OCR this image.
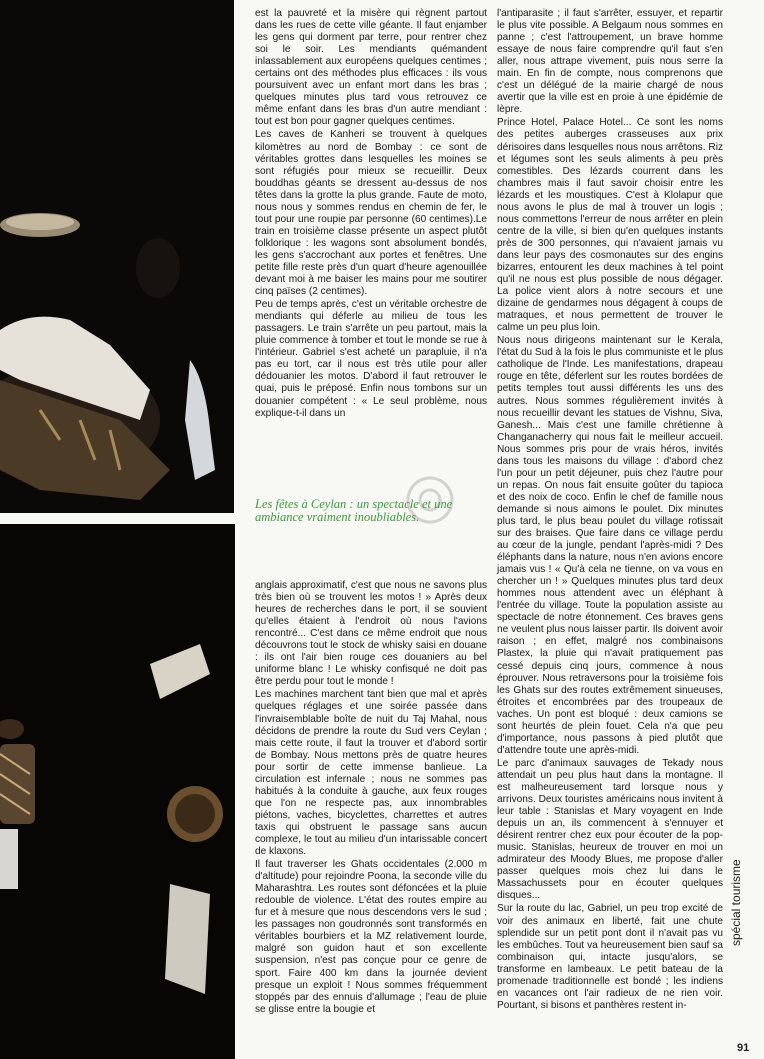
est la pauvreté et la misère qui règnent partout dans les rues de cette ville géante. Il faut enjamber les gens qui dorment par terre, pour rentrer chez soi le soir. Les mendiants quémandent inlassablement aux européens quelques centimes ; certains ont des méthodes plus efficaces : ils vous poursuivent avec un enfant mort dans les bras ; quelques minutes plus tard vous retrouvez ce même enfant dans les bras d'un autre mendiant : tout est bon pour gagner quelques centimes.

Les caves de Kanheri se trouvent à quelques kilomètres au nord de Bombay : ce sont de véritables grottes dans lesquelles les moines se sont réfugiés pour mieux se recueillir. Deux bouddhas géants se dressent au-dessus de nos têtes dans la grotte la plus grande. Faute de moto, nous nous y sommes rendus en chemin de fer, le tout pour une roupie par personne (60 centimes).Le train en troisième classe présente un aspect plutôt folklorique : les wagons sont absolument bondés, les gens s'accrochant aux portes et fenêtres. Une petite fille reste près d'un quart d'heure agenouillée devant moi à me baiser les mains pour me soutirer cinq païses (2 centimes).

Peu de temps après, c'est un véritable orchestre de mendiants qui déferle au milieu de tous les passagers. Le train s'arrête un peu partout, mais la pluie commence à tomber et tout le monde se rue à l'intérieur. Gabriel s'est acheté un parapluie, il n'a pas eu tort, car il nous est très utile pour aller dédouanier les motos. D'abord il faut retrouver le quai, puis le préposé. Enfin nous tombons sur un douanier compétent : « Le seul problème, nous explique-t-il dans un

Les fêtes à Ceylan : un spectacle et une ambiance vraiment inoubliables.

anglais approximatif, c'est que nous ne savons plus très bien où se trouvent les motos ! » Après deux heures de recherches dans le port, il se souvient qu'elles étaient à l'endroit où nous l'avions rencontré... C'est dans ce même endroit que nous découvrons tout le stock de whisky saisi en douane : ils ont l'air bien rouge ces douaniers au bel uniforme blanc ! Le whisky confisqué ne doit pas être perdu pour tout le monde !

Les machines marchent tant bien que mal et après quelques réglages et une soirée passée dans l'invraisemblable boîte de nuit du Taj Mahal, nous décidons de prendre la route du Sud vers Ceylan ; mais cette route, il faut la trouver et d'abord sortir de Bombay. Nous mettons près de quatre heures pour sortir de cette immense banlieue. La circulation est infernale ; nous ne sommes pas habitués à la conduite à gauche, aux feux rouges que l'on ne respecte pas, aux innombrables piétons, vaches, bicyclettes, charrettes et autres taxis qui obstruent le passage sans aucun complexe, le tout au milieu d'un intarissable concert de klaxons.

Il faut traverser les Ghats occidentales (2.000 m d'altitude) pour rejoindre Poona, la seconde ville du Maharashtra. Les routes sont défoncées et la pluie redouble de violence. L'état des routes empire au fur et à mesure que nous descendons vers le sud ; les passages non goudronnés sont transformés en véritables bourbiers et la MZ relativement lourde, malgré son guidon haut et son excellente suspension, n'est pas conçue pour ce genre de sport. Faire 400 km dans la journée devient presque un exploit ! Nous sommes fréquemment stoppés par des ennuis d'allumage ; l'eau de pluie se glisse entre la bougie et

l'antiparasite ; il faut s'arrêter, essuyer, et repartir le plus vite possible. A Belgaum nous sommes en panne ; c'est l'attroupement, un brave homme essaye de nous faire comprendre qu'il faut s'en aller, nous attrape vivement, puis nous serre la main. En fin de compte, nous comprenons que c'est un délégué de la mairie chargé de nous avertir que la ville est en proie à une épidémie de lèpre.

Prince Hotel, Palace Hotel... Ce sont les noms des petites auberges crasseuses aux prix dérisoires dans lesquelles nous nous arrêtons. Riz et légumes sont les seuls aliments à peu près comestibles. Des lézards courrent dans les chambres mais il faut savoir choisir entre les lézards et les moustiques. C'est à Klolapur que nous avons le plus de mal à trouver un logis ; nous commettons l'erreur de nous arrêter en plein centre de la ville, si bien qu'en quelques instants près de 300 personnes, qui n'avaient jamais vu dans leur pays des cosmonautes sur des engins bizarres, entourent les deux machines à tel point qu'il ne nous est plus possible de nous dégager. La police vient alors à notre secours et une dizaine de gendarmes nous dégagent à coups de matraques, et nous permettent de trouver le calme un peu plus loin.

Nous nous dirigeons maintenant sur le Kerala, l'état du Sud à la fois le plus communiste et le plus catholique de l'Inde. Les manifestations, drapeau rouge en tête, déferlent sur les routes bordées de petits temples tout aussi différents les uns des autres. Nous sommes régulièrement invités à nous recueillir devant les statues de Vishnu, Siva, Ganesh... Mais c'est une famille chrétienne à Changanacherry qui nous fait le meilleur accueil. Nous sommes pris pour de vrais héros, invités dans tous les maisons du village : d'abord chez l'un pour un petit déjeuner, puis chez l'autre pour un repas. On nous fait ensuite goûter du tapioca et des noix de coco. Enfin le chef de famille nous demande si nous aimons le poulet. Dix minutes plus tard, le plus beau poulet du village rotissait sur des braises. Que faire dans ce village perdu au cœur de la jungle, pendant l'après-midi ? Des éléphants dans la nature, nous n'en avions encore jamais vus ! « Qu'à cela ne tienne, on va vous en chercher un ! » Quelques minutes plus tard deux hommes nous attendent avec un éléphant à l'entrée du village. Toute la population assiste au spectacle de notre étonnement. Ces braves gens ne veulent plus nous laisser partir. Ils doivent avoir raison ; en effet, malgré nos combinaisons Plastex, la pluie qui n'avait pratiquement pas cessé depuis cinq jours, commence à nous éprouver. Nous retraversons pour la troisième fois les Ghats sur des routes extrêmement sinueuses, étroites et encombrées par des troupeaux de vaches. Un pont est bloqué : deux camions se sont heurtés de plein fouet. Cela n'a que peu d'importance, nous passons à pied plutôt que d'attendre toute une après-midi.

Le parc d'animaux sauvages de Tekady nous attendait un peu plus haut dans la montagne. Il est malheureusement tard lorsque nous y arrivons. Deux touristes américains nous invitent à leur table : Stanislas et Mary voyagent en Inde depuis un an, ils commencent à s'ennuyer et désirent rentrer chez eux pour écouter de la pop-music. Stanislas, heureux de trouver en moi un admirateur des Moody Blues, me propose d'aller passer quelques mois chez lui dans le Massachussets pour en écouter quelques disques...

Sur la route du lac, Gabriel, un peu trop excité de voir des animaux en liberté, fait une chute splendide sur un petit pont dont il n'avait pas vu les embûches. Tout va heureusement bien sauf sa combinaison qui, intacte jusqu'alors, se transforme en lambeaux. Le petit bateau de la promenade traditionnelle est bondé ; les indiens en vacances ont l'air radieux de ne rien voir. Pourtant, si bisons et panthères restent in-

spécial tourisme
91
